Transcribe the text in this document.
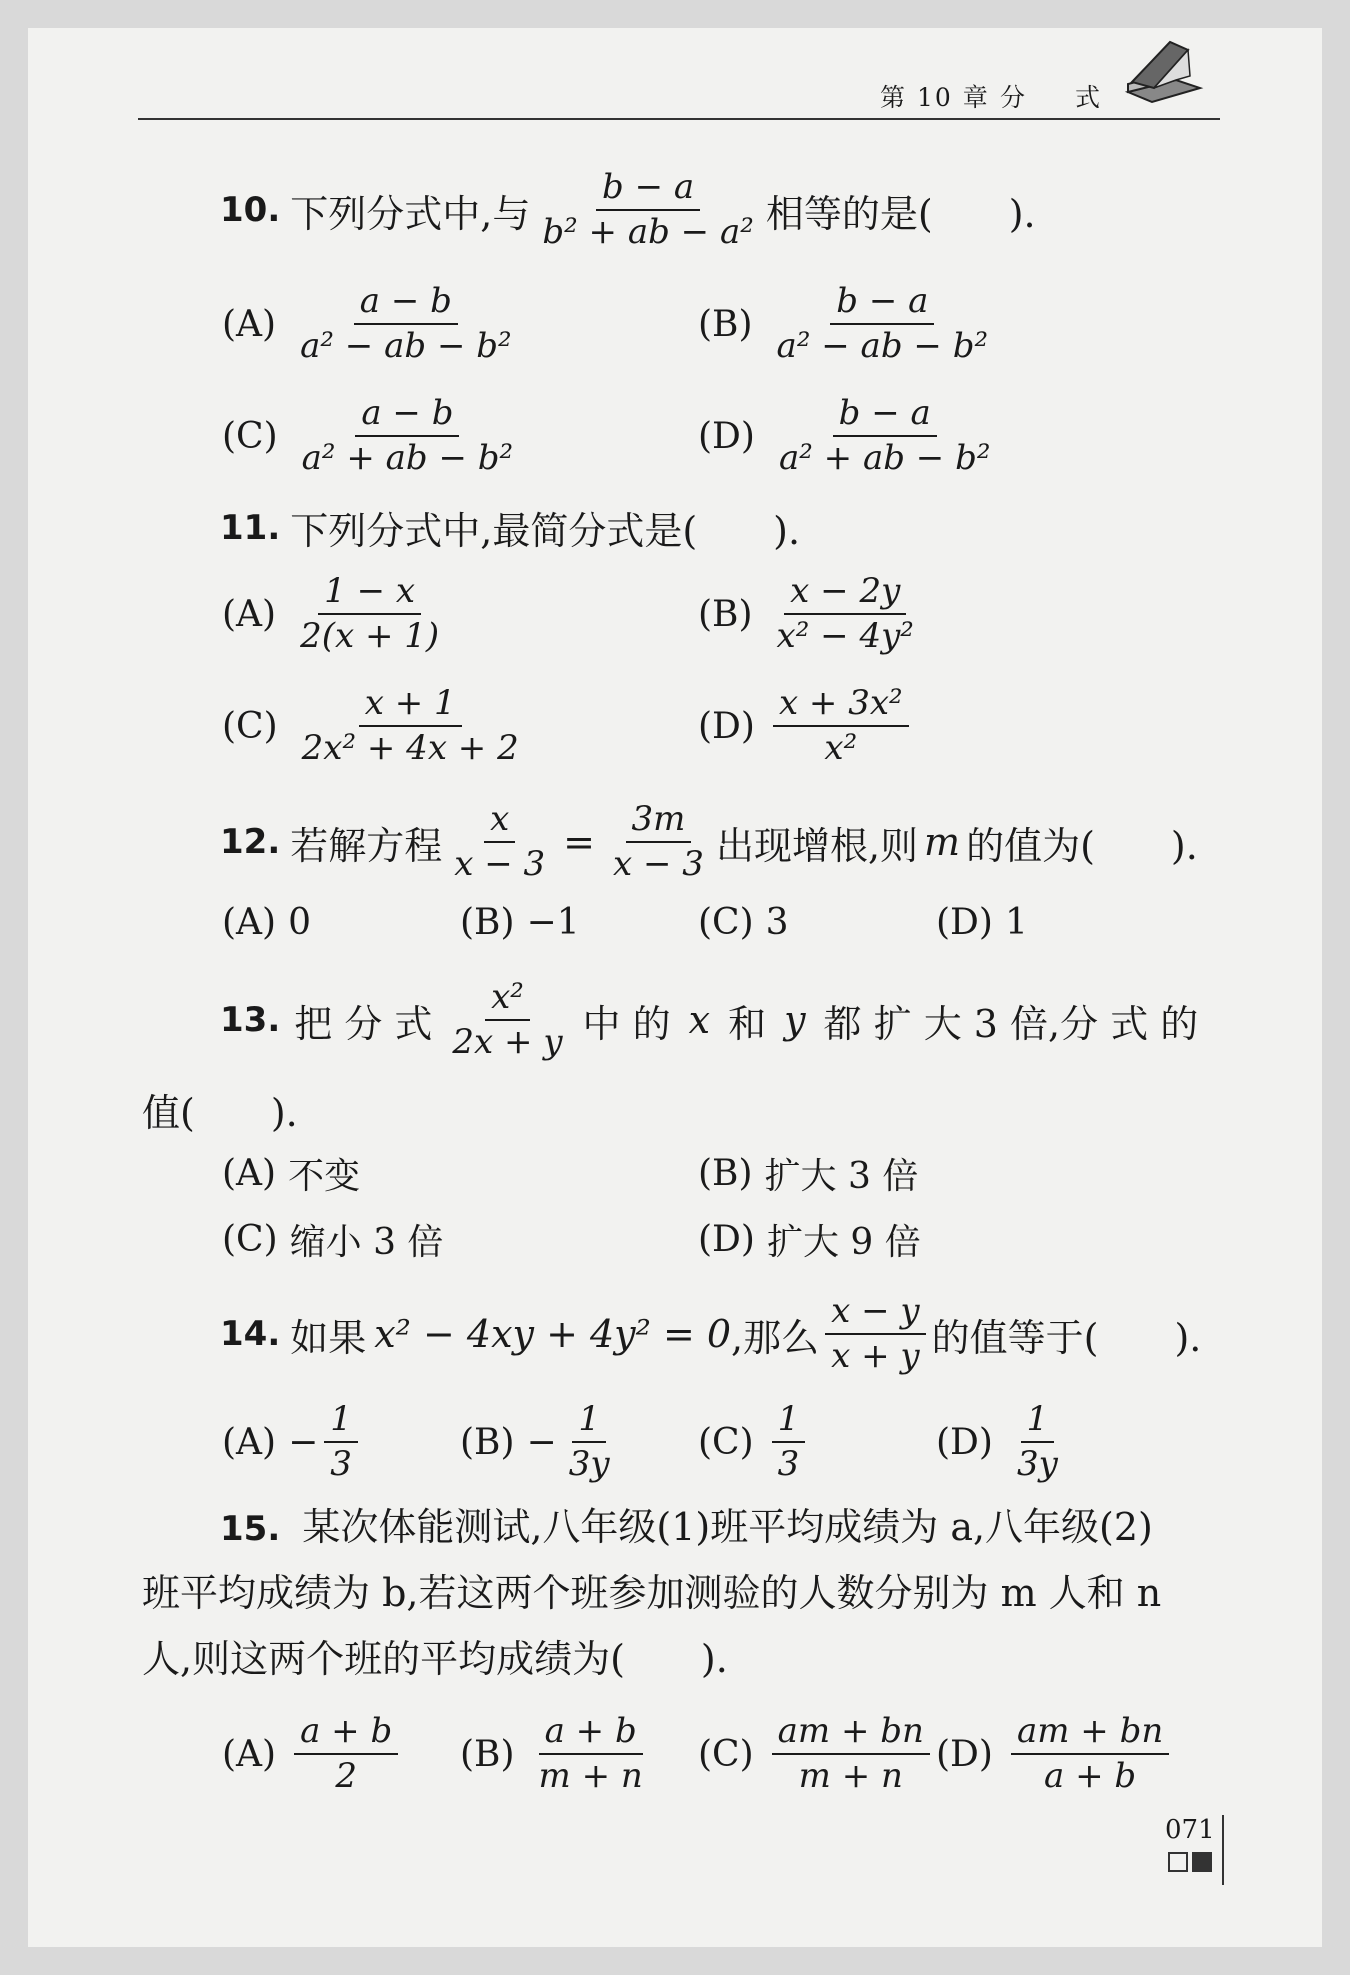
第 10 章 分 式
10. 下列分式中,与 $\frac{b - a}{\text{b² + ab − a²}}$ 相等的是(　　).
$(A) \frac{a - b}{\text{a² − ab − b²}}$	$(B) \frac{b - a}{\text{a² − ab − b²}}$
$(C) \frac{a - b}{\text{a² + ab − b²}}$	$(D) \frac{b - a}{\text{a² + ab − b²}}$
11. 下列分式中,最简分式是(　　).
$(A) \frac{1 - x}{2(x + 1)}$	$(B) \frac{x - 2y}{\text{x² − 4y²}}$
$(C) \frac{x + 1}{\text{2x² + 4x + 2}}$	$(D) \frac{\text{x + 3x²}}{\text{x²}}$
12. 若解方程 $\frac{x}{x - 3} = \frac{3m}{x - 3}$ 出现增根,则 m 的值为(　　).
(A) 0	(B) −1	(C) 3	(D) 1
13. 把 分 式 $\frac{\text{x²}}{2x + y}$ 中 的 x 和 y 都 扩 大 3 倍,分 式 的
值(　　).
(A) 不变	(B) 扩大 3 倍
(C) 缩小 3 倍	(D) 扩大 9 倍
14. 如果 x² − 4xy + 4y² = 0 ,那么 $\frac{x - y}{x + y}$ 的值等于(　　).
$(A) - \frac{1}{3}$	$(B) - \frac{1}{3y} (C) \frac{1}{3}$	$(D) \frac{1}{3y}$
15. 某次体能测试,八年级(1)班平均成绩为 a,八年级(2)
班平均成绩为 b,若这两个班参加测验的人数分别为 m 人和 n
人,则这两个班的平均成绩为(　　).
$(A) \frac{a + b}{2} (B) \frac{a + b}{m + n} (C) \frac{am + bn}{m + n} (D) \frac{am + bn}{a + b}$
071
